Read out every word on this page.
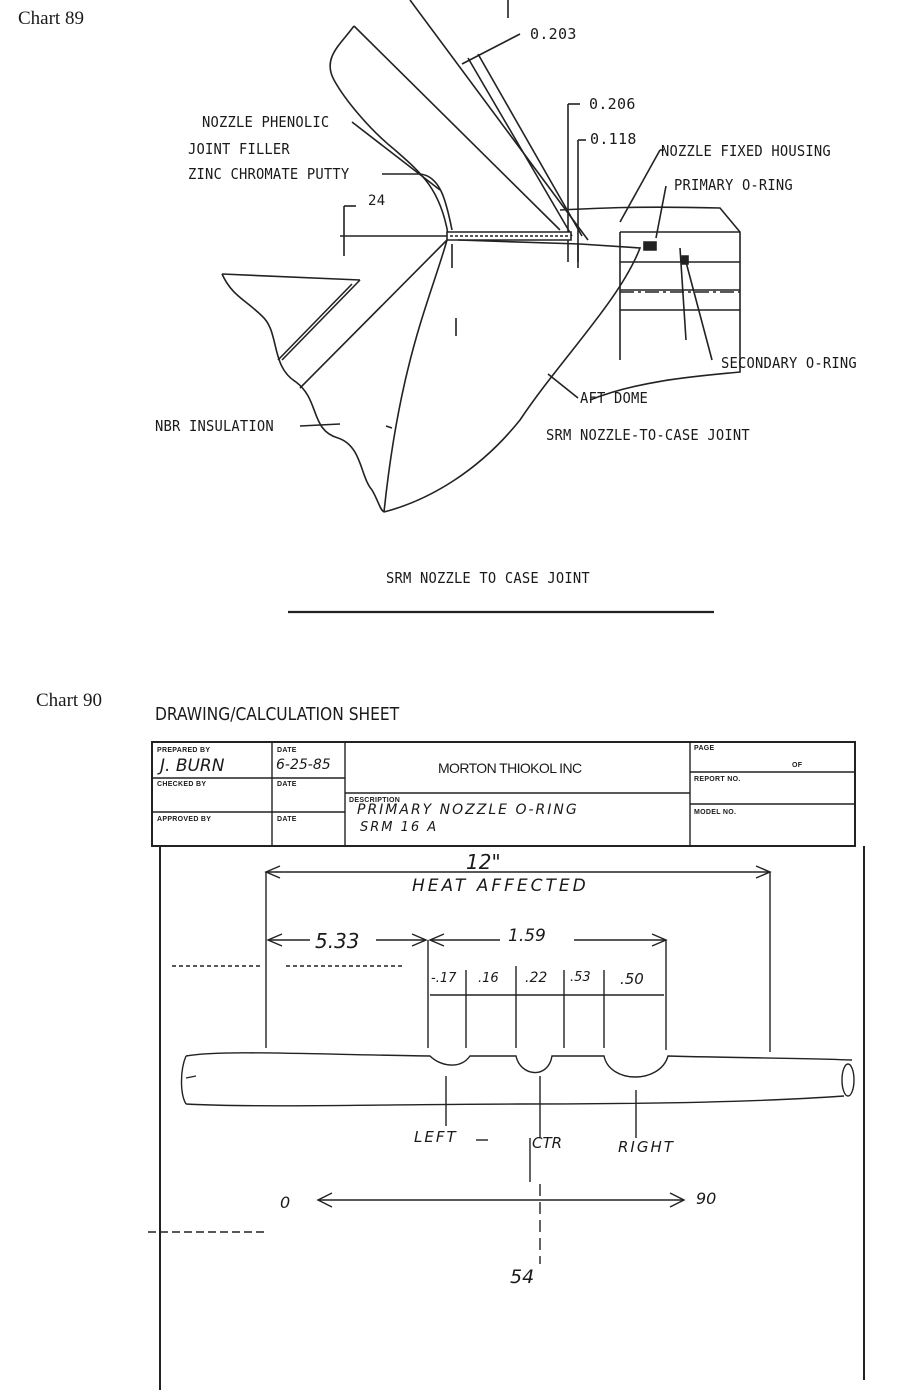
Chart 89
0.203
0.206
0.118
24
NOZZLE PHENOLIC
JOINT FILLER
ZINC CHROMATE PUTTY
NOZZLE FIXED HOUSING
PRIMARY O-RING
SECONDARY O-RING
AFT DOME
NBR INSULATION	SRM NOZZLE-TO-CASE JOINT
SRM NOZZLE TO CASE JOINT
Chart 90
DRAWING/CALCULATION SHEET
PREPARED BY
J. BURN
DATE
6-25-85
CHECKED BY	DATE
APPROVED BY	DATE
MORTON THIOKOL INC
DESCRIPTION
PRIMARY NOZZLE O-RING
SRM 16 A
PAGE
OF
REPORT NO.
MODEL NO.
12"
HEAT AFFECTED
5.33	1.59
-.17 .16 .22 .53 .50
LEFT	CTR	RIGHT
0	90
54
